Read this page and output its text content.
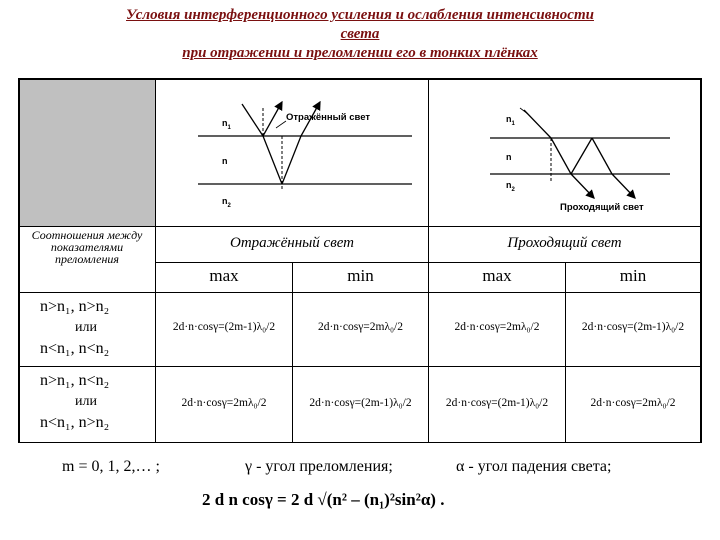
Условия интерференционного усиления и ослабления интенсивности
света
при отражении и преломлении его в тонких плёнках
$n_1$
n
$n_2$
Отражённый свет	$n_1$
n
$n_2$
Проходящий свет
Соотношения между показателями преломления
Отражённый свет	Проходящий свет
max	min	max	min
n>n₁, n>n₂
или
n<n₁, n<n₂
2d·n·cosγ=(2m-1)λ₀/2	2d·n·cosγ=2mλ₀/2	2d·n·cosγ=2mλ₀/2	2d·n·cosγ=(2m-1)λ₀/2
n>n₁, n<n₂
или
n<n₁, n>n₂
2d·n·cosγ=2mλ₀/2	2d·n·cosγ=(2m-1)λ₀/2	2d·n·cosγ=(2m-1)λ₀/2	2d·n·cosγ=2mλ₀/2
m = 0, 1, 2,… ;	γ - угол преломления;	α - угол падения света;
2 d n cosγ = 2 d √(n² – (n₁)²sin²α) .
